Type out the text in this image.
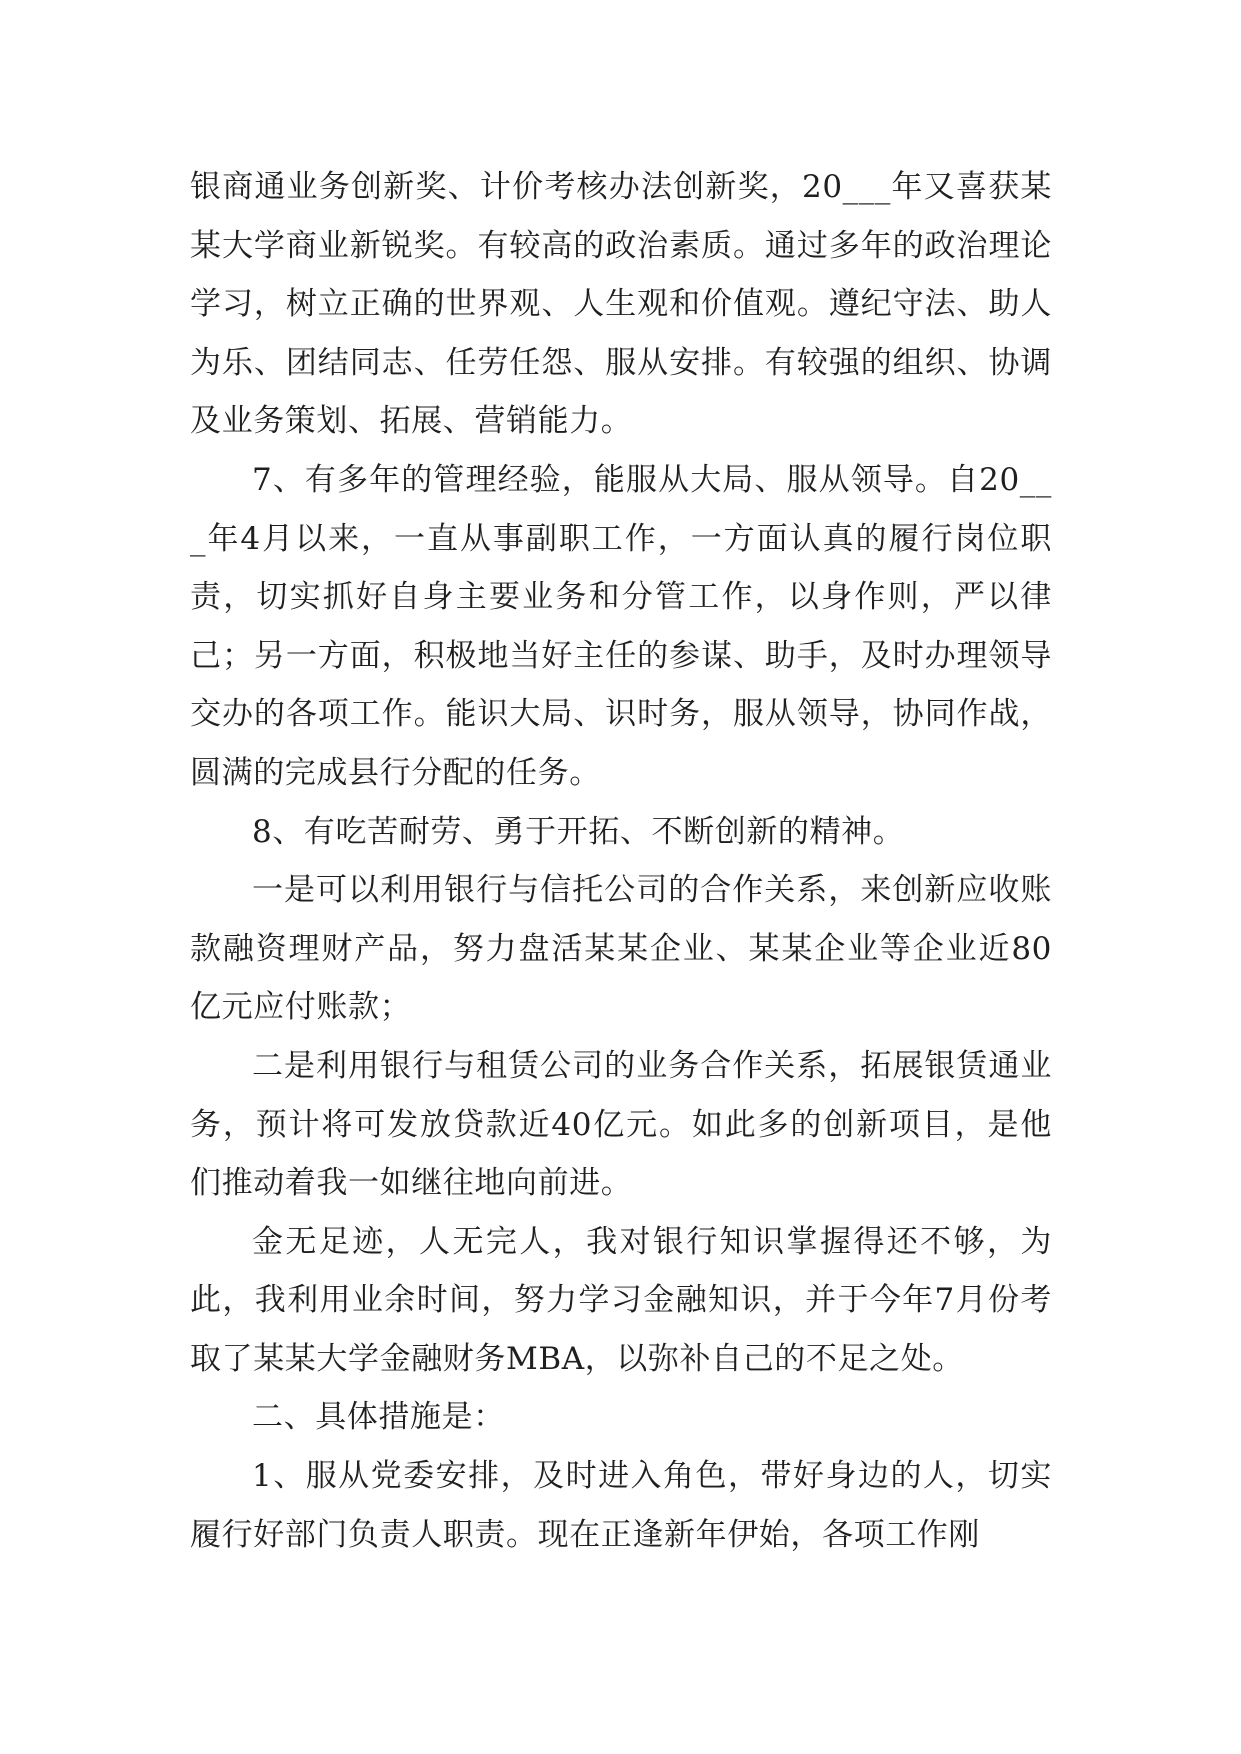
银商通业务创新奖、计价考核办法创新奖，20___年又喜获某某大学商业新锐奖。有较高的政治素质。通过多年的政治理论学习，树立正确的世界观、人生观和价值观。遵纪守法、助人为乐、团结同志、任劳任怨、服从安排。有较强的组织、协调及业务策划、拓展、营销能力。

7、有多年的管理经验，能服从大局、服从领导。自20___年4月以来，一直从事副职工作，一方面认真的履行岗位职责，切实抓好自身主要业务和分管工作，以身作则，严以律己；另一方面，积极地当好主任的参谋、助手，及时办理领导交办的各项工作。能识大局、识时务，服从领导，协同作战，圆满的完成县行分配的任务。

8、有吃苦耐劳、勇于开拓、不断创新的精神。

一是可以利用银行与信托公司的合作关系，来创新应收账款融资理财产品，努力盘活某某企业、某某企业等企业近80亿元应付账款；

二是利用银行与租赁公司的业务合作关系，拓展银赁通业务，预计将可发放贷款近40亿元。如此多的创新项目，是他们推动着我一如继往地向前进。

金无足迹，人无完人，我对银行知识掌握得还不够，为此，我利用业余时间，努力学习金融知识，并于今年7月份考取了某某大学金融财务MBA，以弥补自己的不足之处。

二、具体措施是：

1、服从党委安排，及时进入角色，带好身边的人，切实履行好部门负责人职责。现在正逢新年伊始，各项工作刚
